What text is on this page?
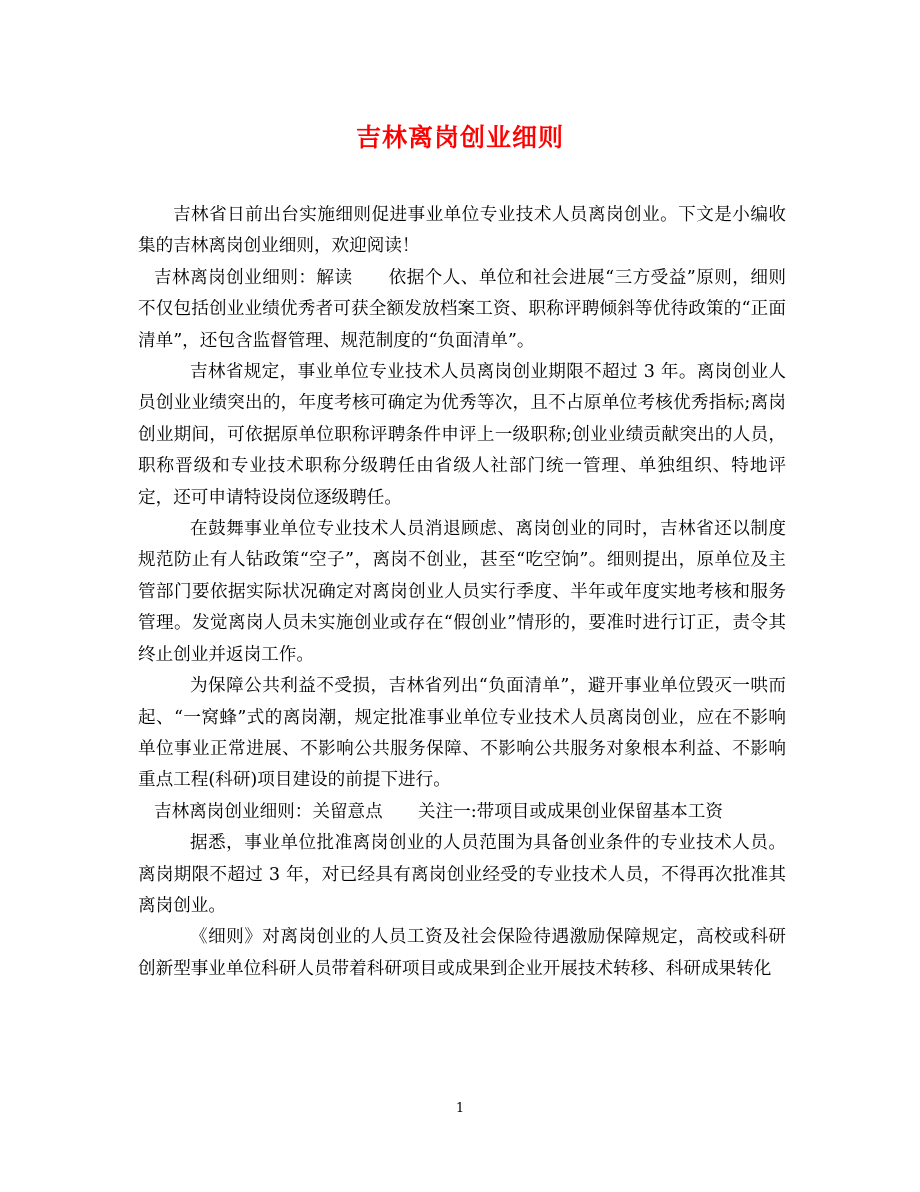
吉林离岗创业细则

吉林省日前出台实施细则促进事业单位专业技术人员离岗创业。下文是小编收集的吉林离岗创业细则，欢迎阅读！

吉林离岗创业细则：解读　　依据个人、单位和社会进展“三方受益”原则，细则不仅包括创业业绩优秀者可获全额发放档案工资、职称评聘倾斜等优待政策的“正面清单”，还包含监督管理、规范制度的“负面清单”。

吉林省规定，事业单位专业技术人员离岗创业期限不超过 3 年。离岗创业人员创业业绩突出的，年度考核可确定为优秀等次，且不占原单位考核优秀指标;离岗创业期间，可依据原单位职称评聘条件申评上一级职称;创业业绩贡献突出的人员，职称晋级和专业技术职称分级聘任由省级人社部门统一管理、单独组织、特地评定，还可申请特设岗位逐级聘任。

在鼓舞事业单位专业技术人员消退顾虑、离岗创业的同时，吉林省还以制度规范防止有人钻政策“空子”，离岗不创业，甚至“吃空饷”。细则提出，原单位及主管部门要依据实际状况确定对离岗创业人员实行季度、半年或年度实地考核和服务管理。发觉离岗人员未实施创业或存在“假创业”情形的，要准时进行订正，责令其终止创业并返岗工作。

为保障公共利益不受损，吉林省列出“负面清单”，避开事业单位毁灭一哄而起、“一窝蜂”式的离岗潮，规定批准事业单位专业技术人员离岗创业，应在不影响单位事业正常进展、不影响公共服务保障、不影响公共服务对象根本利益、不影响重点工程(科研)项目建设的前提下进行。

吉林离岗创业细则：关留意点　　关注一:带项目或成果创业保留基本工资

据悉，事业单位批准离岗创业的人员范围为具备创业条件的专业技术人员。离岗期限不超过 3 年，对已经具有离岗创业经受的专业技术人员，不得再次批准其离岗创业。

《细则》对离岗创业的人员工资及社会保险待遇激励保障规定，高校或科研创新型事业单位科研人员带着科研项目或成果到企业开展技术转移、科研成果转化

1
